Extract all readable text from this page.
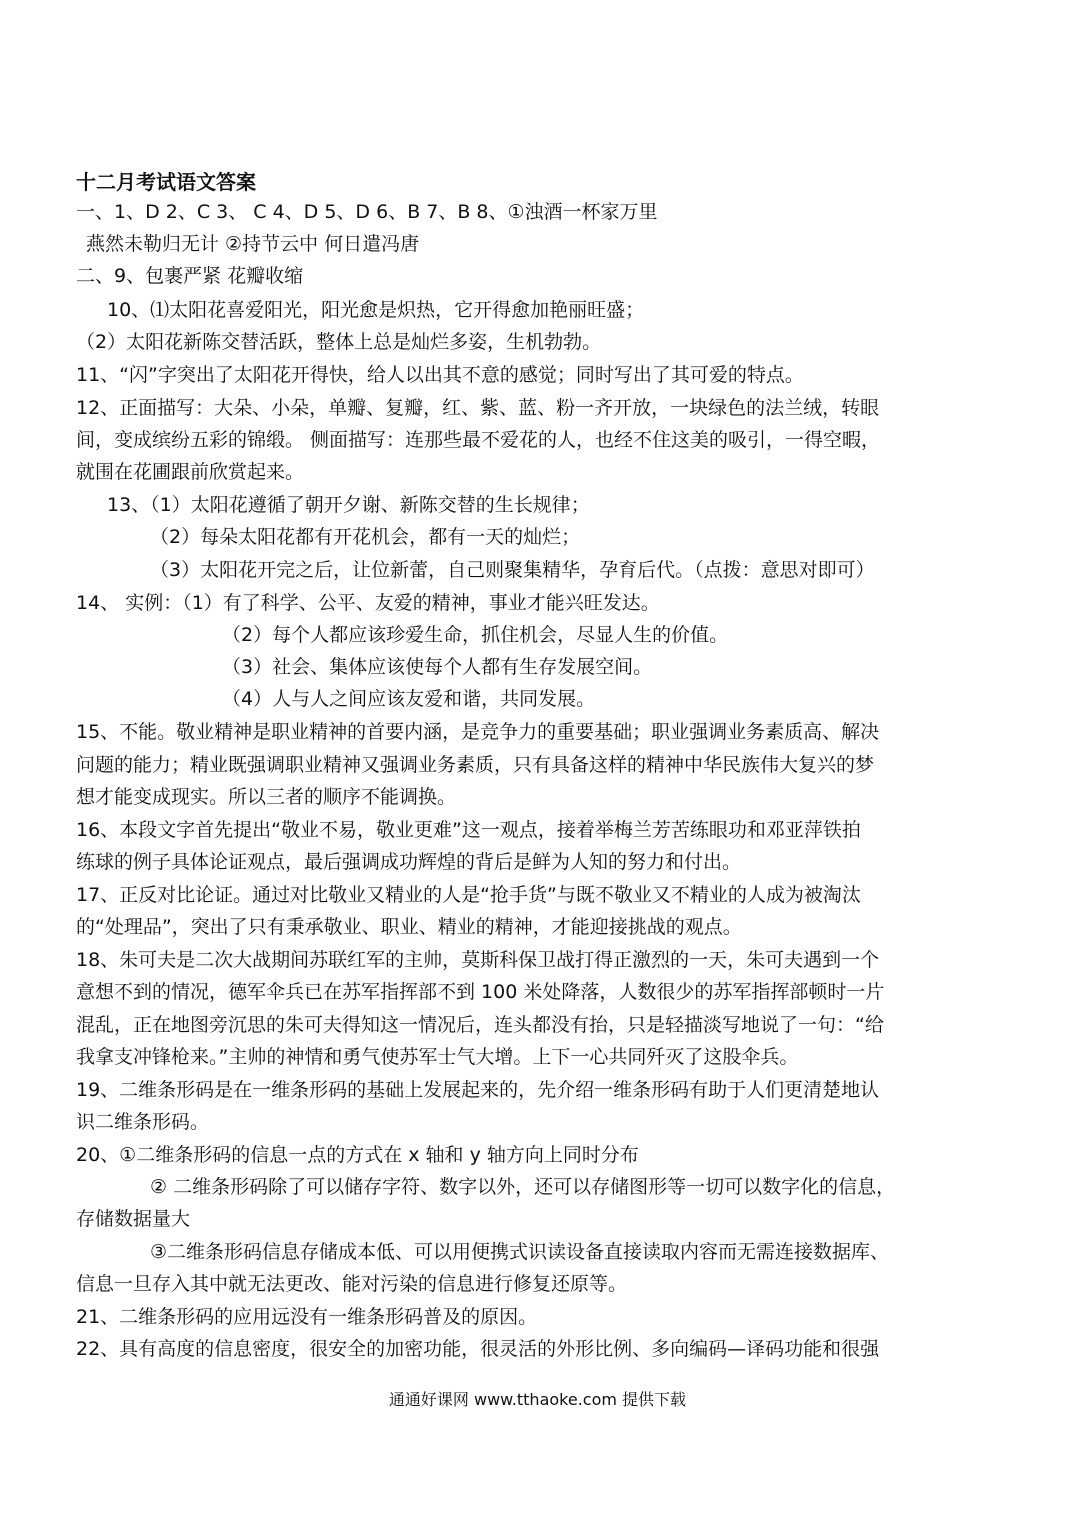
十二月考试语文答案
一、1、D 2、C 3、 C 4、D 5、D 6、B 7、B 8、①浊酒一杯家万里
燕然未勒归无计 ②持节云中 何日遣冯唐
二、9、包裹严紧 花瓣收缩
10、⑴太阳花喜爱阳光，阳光愈是炽热，它开得愈加艳丽旺盛；
（2）太阳花新陈交替活跃，整体上总是灿烂多姿，生机勃勃。
11、“闪”字突出了太阳花开得快，给人以出其不意的感觉；同时写出了其可爱的特点。
12、正面描写：大朵、小朵，单瓣、复瓣，红、紫、蓝、粉一齐开放，一块绿色的法兰绒，转眼
间，变成缤纷五彩的锦缎。 侧面描写：连那些最不爱花的人，也经不住这美的吸引，一得空暇，
就围在花圃跟前欣赏起来。
13、（1）太阳花遵循了朝开夕谢、新陈交替的生长规律；
（2）每朵太阳花都有开花机会，都有一天的灿烂；
（3）太阳花开完之后，让位新蕾，自己则聚集精华，孕育后代。（点拨：意思对即可）
14、 实例：（1）有了科学、公平、友爱的精神，事业才能兴旺发达。
（2）每个人都应该珍爱生命，抓住机会，尽显人生的价值。
（3）社会、集体应该使每个人都有生存发展空间。
（4）人与人之间应该友爱和谐，共同发展。
15、不能。敬业精神是职业精神的首要内涵，是竞争力的重要基础；职业强调业务素质高、解决
问题的能力；精业既强调职业精神又强调业务素质，只有具备这样的精神中华民族伟大复兴的梦
想才能变成现实。所以三者的顺序不能调换。
16、本段文字首先提出“敬业不易，敬业更难”这一观点，接着举梅兰芳苦练眼功和邓亚萍铁拍
练球的例子具体论证观点，最后强调成功辉煌的背后是鲜为人知的努力和付出。
17、正反对比论证。通过对比敬业又精业的人是“抢手货”与既不敬业又不精业的人成为被淘汰
的“处理品”，突出了只有秉承敬业、职业、精业的精神，才能迎接挑战的观点。
18、朱可夫是二次大战期间苏联红军的主帅，莫斯科保卫战打得正激烈的一天，朱可夫遇到一个
意想不到的情况，德军伞兵已在苏军指挥部不到 100 米处降落，人数很少的苏军指挥部顿时一片
混乱，正在地图旁沉思的朱可夫得知这一情况后，连头都没有抬，只是轻描淡写地说了一句：“给
我拿支冲锋枪来。”主帅的神情和勇气使苏军士气大增。上下一心共同歼灭了这股伞兵。
19、二维条形码是在一维条形码的基础上发展起来的，先介绍一维条形码有助于人们更清楚地认
识二维条形码。
20、①二维条形码的信息一点的方式在 x 轴和 y 轴方向上同时分布
② 二维条形码除了可以储存字符、数字以外，还可以存储图形等一切可以数字化的信息，
存储数据量大
③二维条形码信息存储成本低、可以用便携式识读设备直接读取内容而无需连接数据库、
信息一旦存入其中就无法更改、能对污染的信息进行修复还原等。
21、二维条形码的应用远没有一维条形码普及的原因。
22、具有高度的信息密度，很安全的加密功能，很灵活的外形比例、多向编码—译码功能和很强
通通好课网 www.tthaoke.com 提供下载
